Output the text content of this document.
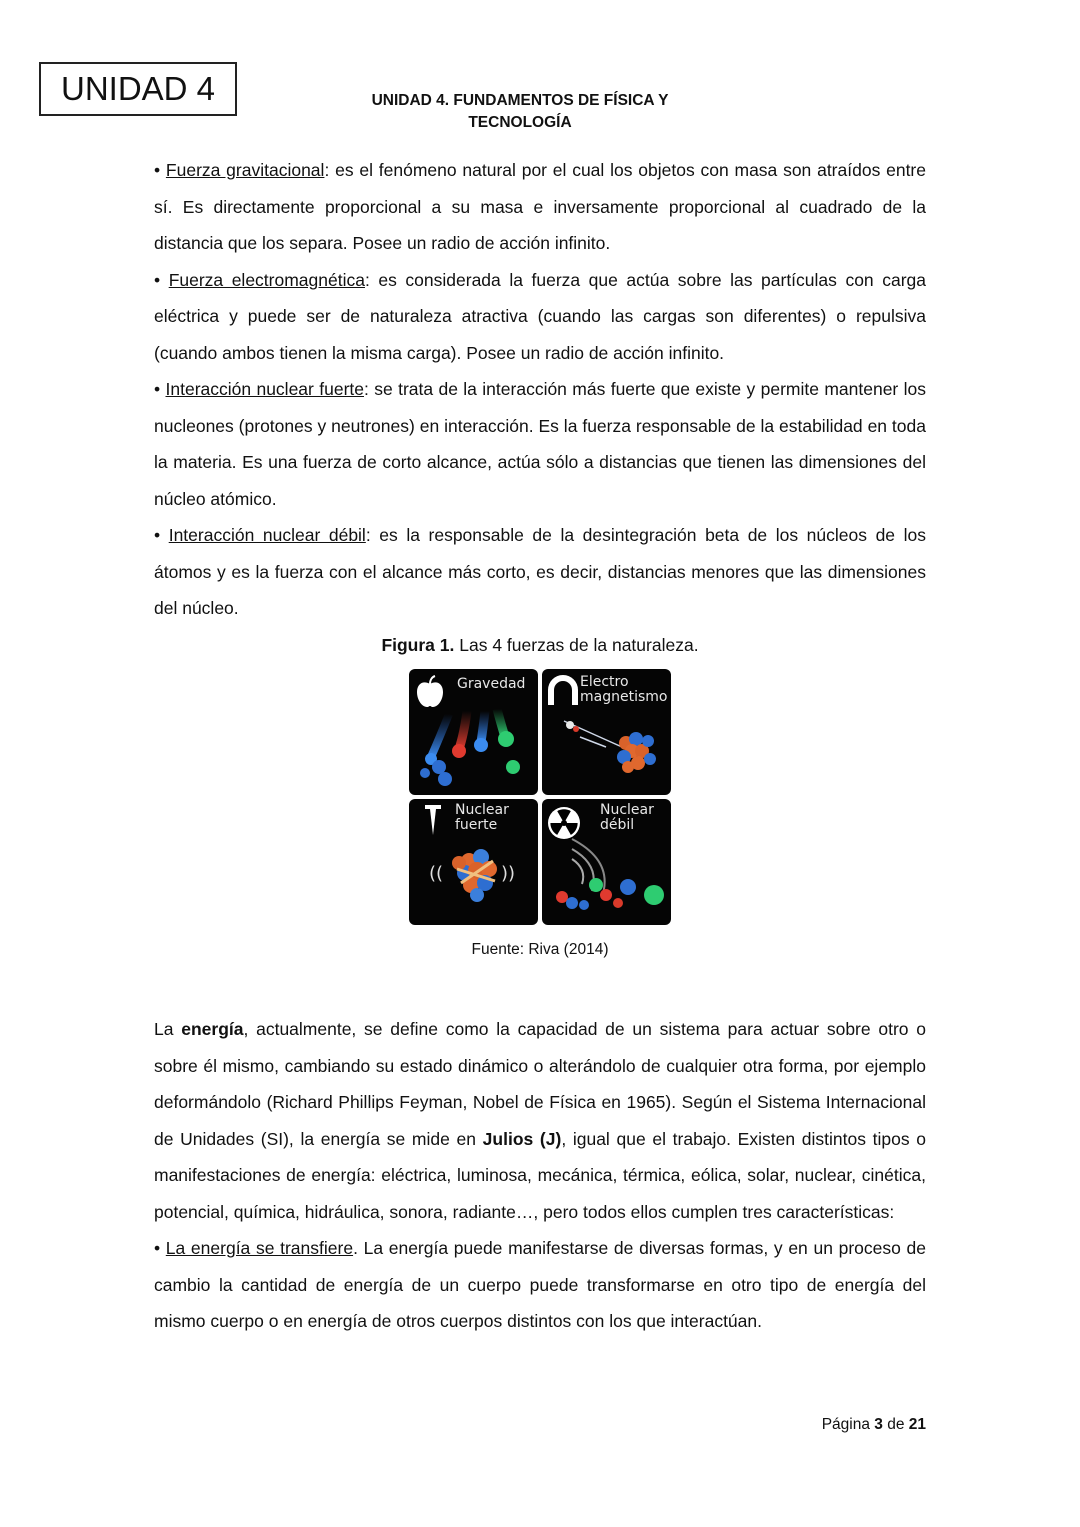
UNIDAD 4	UNIDAD 4. FUNDAMENTOS DE FÍSICA Y
TECNOLOGÍA

• Fuerza gravitacional: es el fenómeno natural por el cual los objetos con masa son atraídos entre sí. Es directamente proporcional a su masa e inversamente proporcional al cuadrado de la distancia que los separa. Posee un radio de acción infinito.

• Fuerza electromagnética: es considerada la fuerza que actúa sobre las partículas con carga eléctrica y puede ser de naturaleza atractiva (cuando las cargas son diferentes) o repulsiva (cuando ambos tienen la misma carga). Posee un radio de acción infinito.

• Interacción nuclear fuerte: se trata de la interacción más fuerte que existe y permite mantener los nucleones (protones y neutrones) en interacción. Es la fuerza responsable de la estabilidad en toda la materia. Es una fuerza de corto alcance, actúa sólo a distancias que tienen las dimensiones del núcleo atómico.

• Interacción nuclear débil: es la responsable de la desintegración beta de los núcleos de los átomos y es la fuerza con el alcance más corto, es decir, distancias menores que las dimensiones del núcleo.

Figura 1. Las 4 fuerzas de la naturaleza.

Gravedad	Electro
magnetismo
((	))
Nuclear
fuerte
Nuclear
débil
Fuente: Riva (2014)

La energía, actualmente, se define como la capacidad de un sistema para actuar sobre otro o sobre él mismo, cambiando su estado dinámico o alterándolo de cualquier otra forma, por ejemplo deformándolo (Richard Phillips Feyman, Nobel de Física en 1965). Según el Sistema Internacional de Unidades (SI), la energía se mide en Julios (J), igual que el trabajo. Existen distintos tipos o manifestaciones de energía: eléctrica, luminosa, mecánica, térmica, eólica, solar, nuclear, cinética, potencial, química, hidráulica, sonora, radiante…, pero todos ellos cumplen tres características:

• La energía se transfiere. La energía puede manifestarse de diversas formas, y en un proceso de cambio la cantidad de energía de un cuerpo puede transformarse en otro tipo de energía del mismo cuerpo o en energía de otros cuerpos distintos con los que interactúan.

Página 3 de 21
